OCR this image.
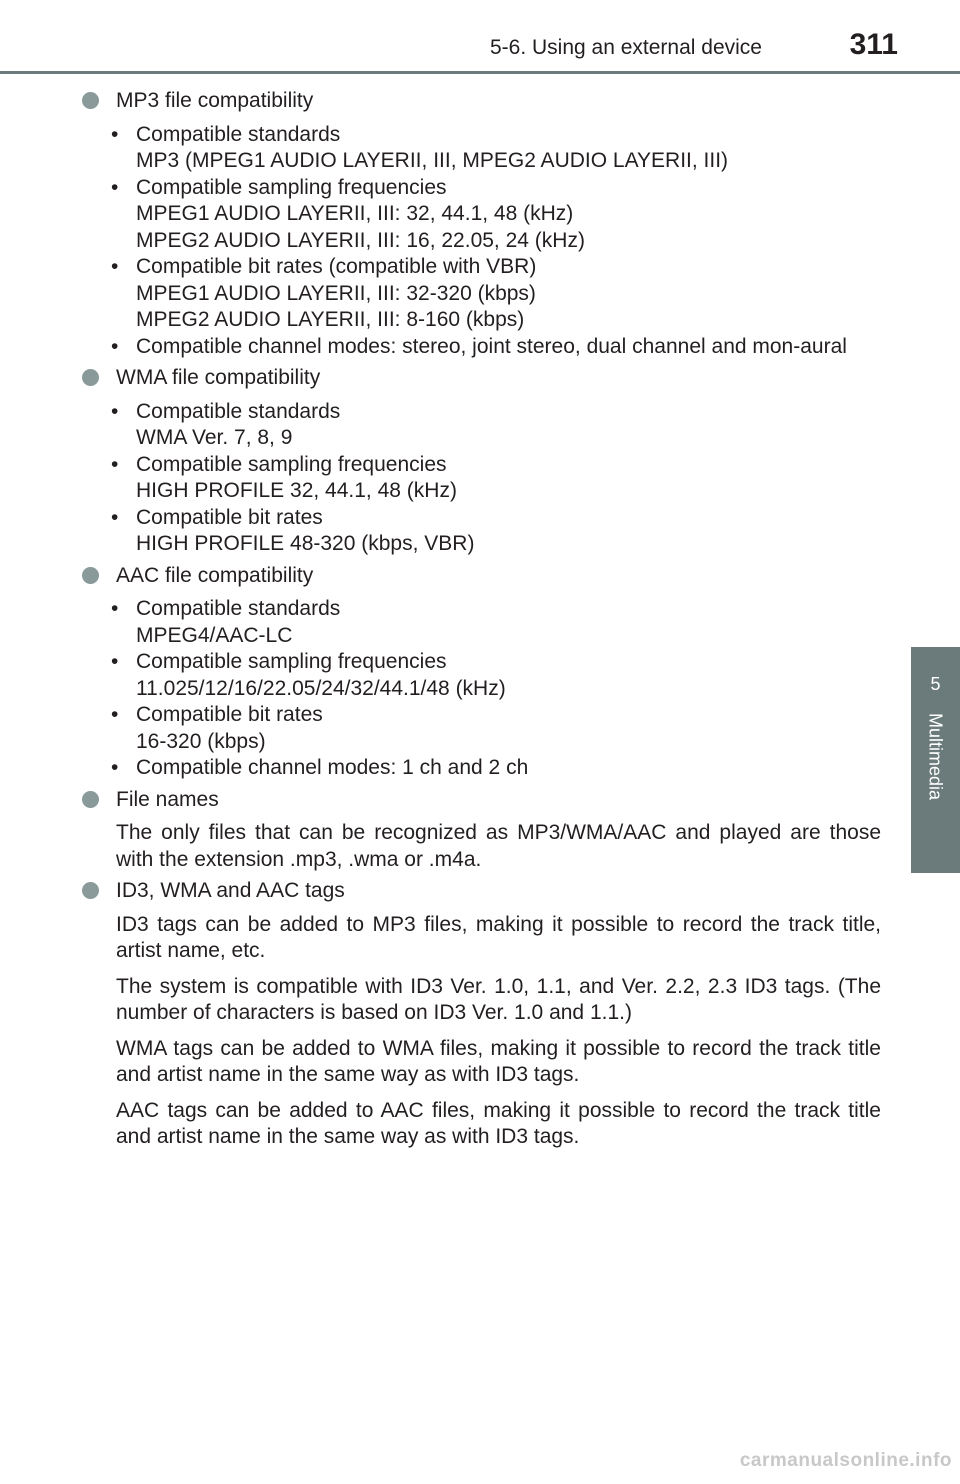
5-6. Using an external device	311
5
Multimedia
MP3 file compatibility
• Compatible standards
MP3 (MPEG1 AUDIO LAYERII, III, MPEG2 AUDIO LAYERII, III)
• Compatible sampling frequencies
MPEG1 AUDIO LAYERII, III: 32, 44.1, 48 (kHz)
MPEG2 AUDIO LAYERII, III: 16, 22.05, 24 (kHz)
• Compatible bit rates (compatible with VBR)
MPEG1 AUDIO LAYERII, III: 32-320 (kbps)
MPEG2 AUDIO LAYERII, III: 8-160 (kbps)
• Compatible channel modes: stereo, joint stereo, dual channel and mon-aural
WMA file compatibility
• Compatible standards
WMA Ver. 7, 8, 9
• Compatible sampling frequencies
HIGH PROFILE 32, 44.1, 48 (kHz)
• Compatible bit rates
HIGH PROFILE 48-320 (kbps, VBR)
AAC file compatibility
• Compatible standards
MPEG4/AAC-LC
• Compatible sampling frequencies
11.025/12/16/22.05/24/32/44.1/48 (kHz)
• Compatible bit rates
16-320 (kbps)
• Compatible channel modes: 1 ch and 2 ch
File names

The only files that can be recognized as MP3/WMA/AAC and played are those with the extension .mp3, .wma or .m4a.

ID3, WMA and AAC tags

ID3 tags can be added to MP3 files, making it possible to record the track title, artist name, etc.

The system is compatible with ID3 Ver. 1.0, 1.1, and Ver. 2.2, 2.3 ID3 tags. (The number of characters is based on ID3 Ver. 1.0 and 1.1.)

WMA tags can be added to WMA files, making it possible to record the track title and artist name in the same way as with ID3 tags.

AAC tags can be added to AAC files, making it possible to record the track title and artist name in the same way as with ID3 tags.

carmanualsonline.info
